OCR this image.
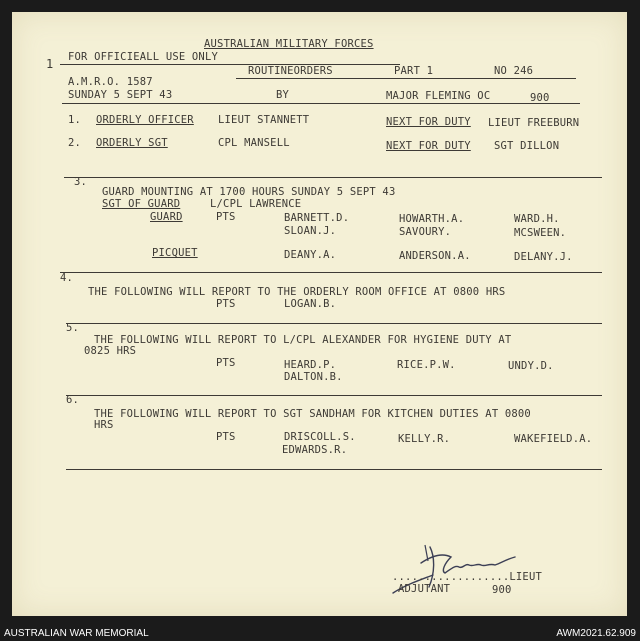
AUSTRALIAN MILITARY FORCES
1 FOR OFFICIEALL USE ONLY
ROUTINEORDERS	PART 1	NO 246
A.M.R.O. 1587
SUNDAY 5 SEPT 43	BY	MAJOR FLEMING OC	900
1. ORDERLY OFFICER LIEUT STANNETT	NEXT FOR DUTY LIEUT FREEBURN
2. ORDERLY SGT	CPL MANSELL	NEXT FOR DUTY SGT DILLON
3.
GUARD MOUNTING AT 1700 HOURS SUNDAY 5 SEPT 43
SGT OF GUARD	L/CPL LAWRENCE
GUARD	PTS	BARNETT.D.	HOWARTH.A.	WARD.H.
SLOAN.J.	SAVOURY.	MCSWEEN.
PICQUET	DEANY.A.	ANDERSON.A.	DELANY.J.
4.
THE FOLLOWING WILL REPORT TO THE ORDERLY ROOM OFFICE AT 0800 HRS
PTS	LOGAN.B.
5.
THE FOLLOWING WILL REPORT TO L/CPL ALEXANDER FOR HYGIENE DUTY AT
0825 HRS
PTS	HEARD.P.	RICE.P.W.	UNDY.D.
DALTON.B.
6.
THE FOLLOWING WILL REPORT TO SGT SANDHAM FOR KITCHEN DUTIES AT 0800
HRS
PTS	DRISCOLL.S.	KELLY.R.	WAKEFIELD.A.
EDWARDS.R.
..................LIEUT
ADJUTANT	900
AUSTRALIAN WAR MEMORIAL	AWM2021.62.909
